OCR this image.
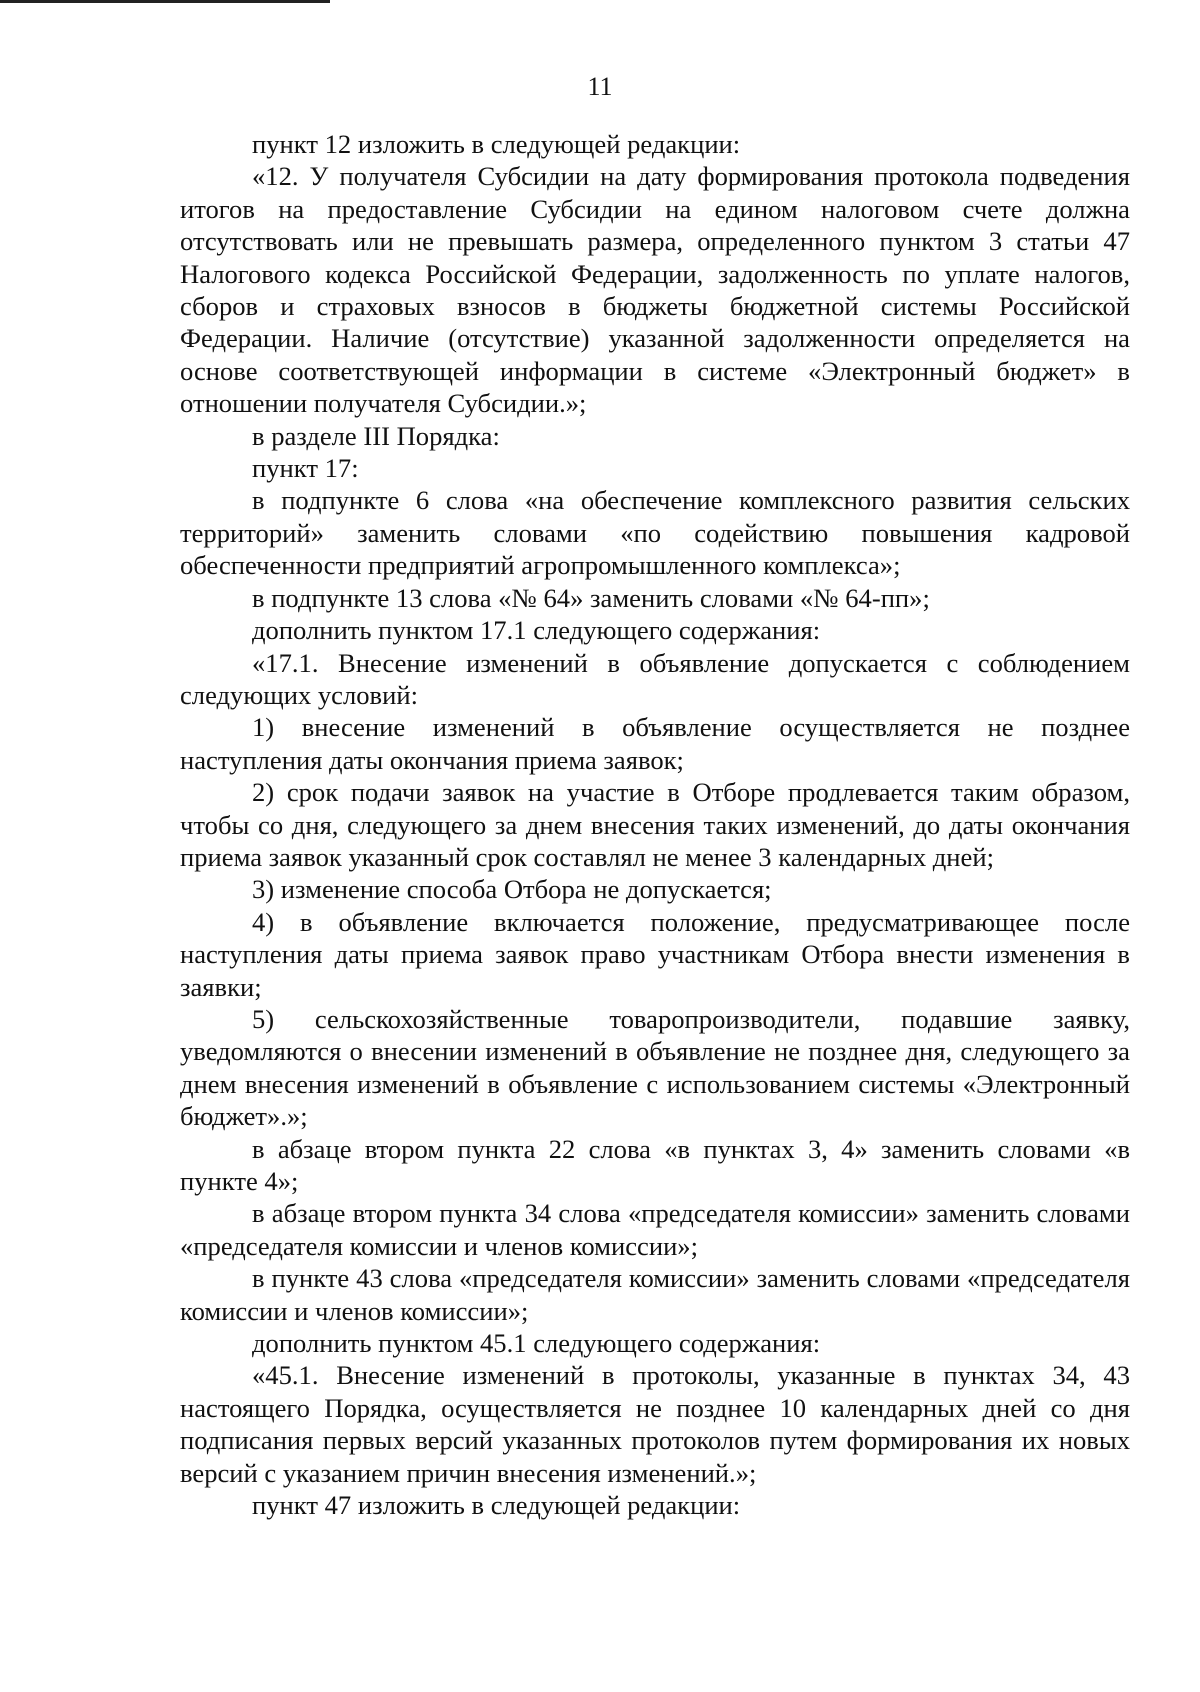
11

пункт 12 изложить в следующей редакции:

«12. У получателя Субсидии на дату формирования протокола подведения итогов на предоставление Субсидии на едином налоговом счете должна отсутствовать или не превышать размера, определенного пунктом 3 статьи 47 Налогового кодекса Российской Федерации, задолженность по уплате налогов, сборов и страховых взносов в бюджеты бюджетной системы Российской Федерации. Наличие (отсутствие) указанной задолженности определяется на основе соответствующей информации в системе «Электронный бюджет» в отношении получателя Субсидии.»;

в разделе III Порядка:

пункт 17:

в подпункте 6 слова «на обеспечение комплексного развития сельских территорий» заменить словами «по содействию повышения кадровой обеспеченности предприятий агропромышленного комплекса»;

в подпункте 13 слова «№ 64» заменить словами «№ 64-пп»;

дополнить пунктом 17.1 следующего содержания:

«17.1. Внесение изменений в объявление допускается с соблюдением следующих условий:

1) внесение изменений в объявление осуществляется не позднее наступления даты окончания приема заявок;

2) срок подачи заявок на участие в Отборе продлевается таким образом, чтобы со дня, следующего за днем внесения таких изменений, до даты окончания приема заявок указанный срок составлял не менее 3 календарных дней;

3) изменение способа Отбора не допускается;

4) в объявление включается положение, предусматривающее после наступления даты приема заявок право участникам Отбора внести изменения в заявки;

5) сельскохозяйственные товаропроизводители, подавшие заявку, уведомляются о внесении изменений в объявление не позднее дня, следующего за днем внесения изменений в объявление с использованием системы «Электронный бюджет».»;

в абзаце втором пункта 22 слова «в пунктах 3, 4» заменить словами «в пункте 4»;

в абзаце втором пункта 34 слова «председателя комиссии» заменить словами «председателя комиссии и членов комиссии»;

в пункте 43 слова «председателя комиссии» заменить словами «председателя комиссии и членов комиссии»;

дополнить пунктом 45.1 следующего содержания:

«45.1. Внесение изменений в протоколы, указанные в пунктах 34, 43 настоящего Порядка, осуществляется не позднее 10 календарных дней со дня подписания первых версий указанных протоколов путем формирования их новых версий с указанием причин внесения изменений.»;

пункт 47 изложить в следующей редакции:
